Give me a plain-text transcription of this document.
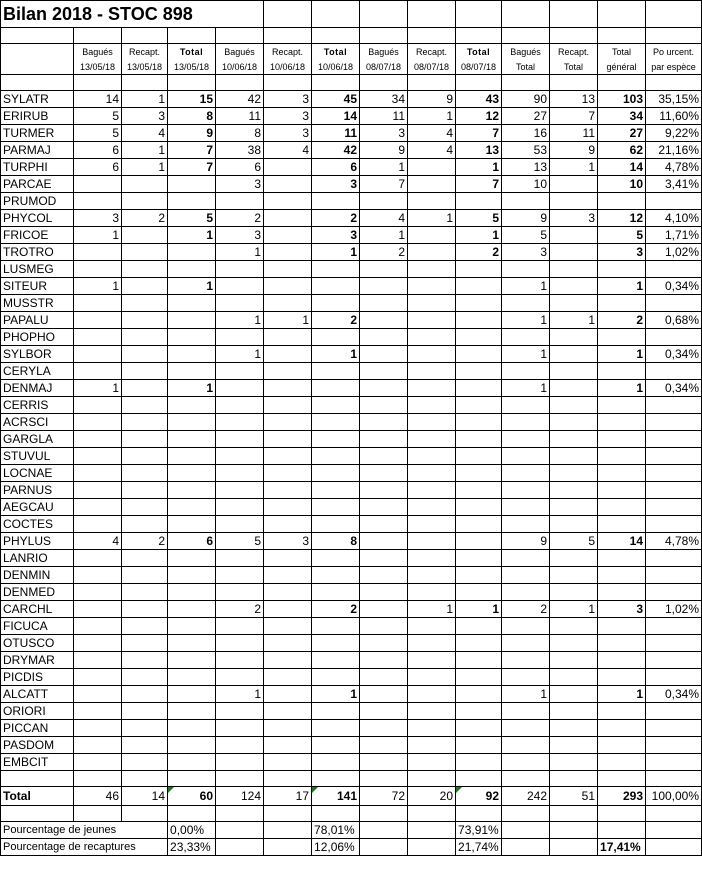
Bilan 2018 - STOC 898													

	Bagués	Recapt.	Total	Bagués	Recapt.	Total	Bagués	Recapt.	Total	Bagués	Recapt.	Total	Po urcent.
	13/05/18	13/05/18	13/05/18	10/06/18	10/06/18	10/06/18	08/07/18	08/07/18	08/07/18	Total	Total	général	par espèce

SYLATR	14	1	15	42	3	45	34	9	43	90	13	103	35,15%
ERIRUB	5	3	8	11	3	14	11	1	12	27	7	34	11,60%
TURMER	5	4	9	8	3	11	3	4	7	16	11	27	9,22%
PARMAJ	6	1	7	38	4	42	9	4	13	53	9	62	21,16%
TURPHI	6	1	7	6		6	1		1	13	1	14	4,78%
PARCAE				3		3	7		7	10		10	3,41%
PRUMOD													
PHYCOL	3	2	5	2		2	4	1	5	9	3	12	4,10%
FRICOE	1		1	3		3	1		1	5		5	1,71%
TROTRO				1		1	2		2	3		3	1,02%
LUSMEG													
SITEUR	1		1							1		1	0,34%
MUSSTR													
PAPALU				1	1	2				1	1	2	0,68%
PHOPHO													
SYLBOR				1		1				1		1	0,34%
CERYLA													
DENMAJ	1		1							1		1	0,34%
CERRIS													
ACRSCI													
GARGLA													
STUVUL													
LOCNAE													
PARNUS													
AEGCAU													
COCTES													
PHYLUS	4	2	6	5	3	8				9	5	14	4,78%
LANRIO													
DENMIN													
DENMED													
CARCHL				2		2		1	1	2	1	3	1,02%
FICUCA													
OTUSCO													
DRYMAR													
PICDIS													
ALCATT				1		1				1		1	0,34%
ORIORI													
PICCAN													
PASDOM													
EMBCIT													

Total	46	14	60	124	17	141	72	20	92	242	51	293	100,00%

Pourcentage de jeunes			0,00%			78,01%			73,91%				
Pourcentage de recaptures			23,33%			12,06%			21,74%			17,41%	
